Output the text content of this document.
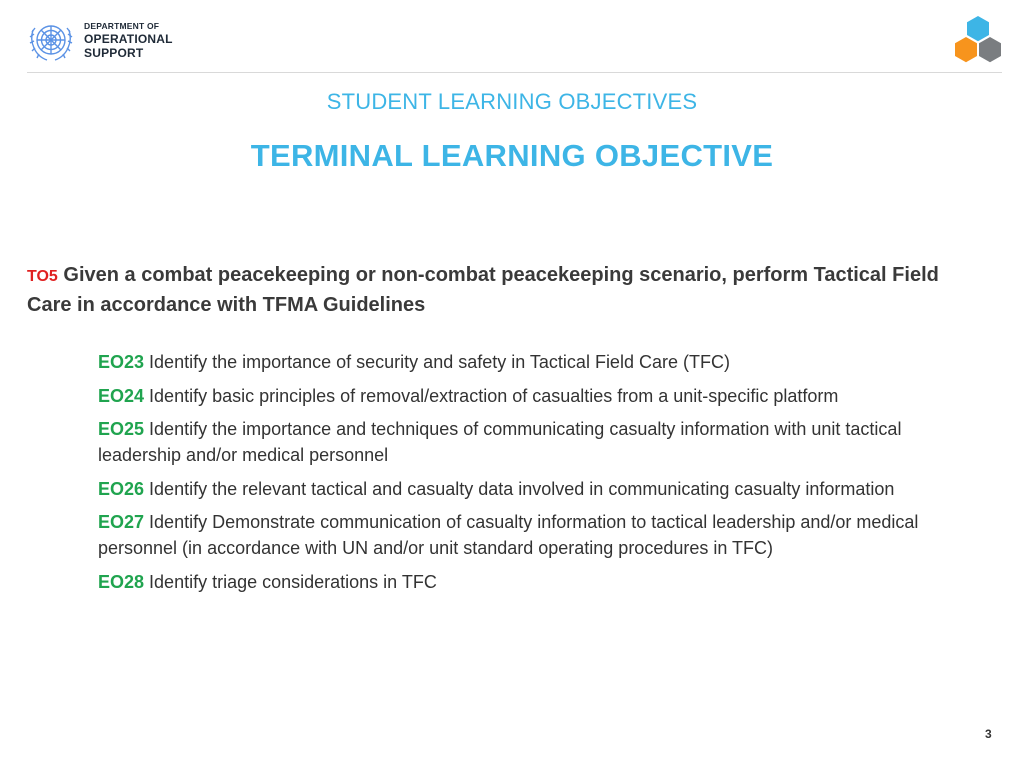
DEPARTMENT OF
OPERATIONAL
SUPPORT
STUDENT LEARNING OBJECTIVES
TERMINAL LEARNING OBJECTIVE
TO5 Given a combat peacekeeping or non-combat peacekeeping scenario, perform Tactical Field Care in accordance with TFMA Guidelines
EO23 Identify the importance of security and safety in Tactical Field Care (TFC)
EO24 Identify basic principles of removal/extraction of casualties from a unit-specific platform
EO25 Identify the importance and techniques of communicating casualty information with unit tactical leadership and/or medical personnel
EO26 Identify the relevant tactical and casualty data involved in communicating casualty information
EO27 Identify Demonstrate communication of casualty information to tactical leadership and/or medical personnel (in accordance with UN and/or unit standard operating procedures in TFC)
EO28 Identify triage considerations in TFC
3
